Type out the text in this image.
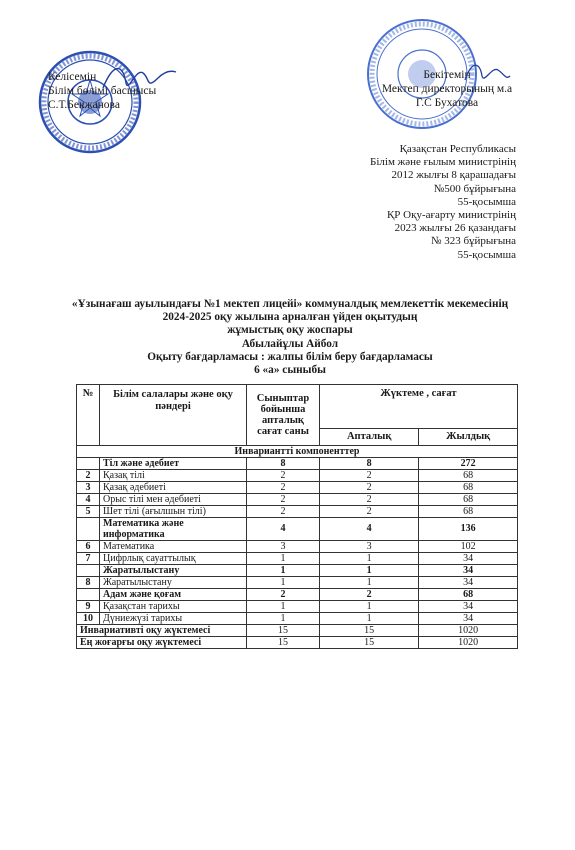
Келісемін
Білім бөлімі басшысы
С.Т.Бекжанова
Бекітемін
Мектеп директорының м.а
Г.С Бухатова
Қазақстан Республикасы
Білім және ғылым министрінің
2012 жылғы 8 қарашадағы
№500 бұйрығына
55-қосымша
ҚР Оқу-ағарту министрінің
2023 жылғы 26 қазандағы
№ 323 бұйрығына
55-қосымша
«Ұзынағаш ауылындағы №1 мектеп лицейі» коммуналдық мемлекеттік мекемесінің
2024-2025 оқу жылына арналған үйден оқытудың
жұмыстық оқу жоспары
Абылайұлы Айбол
Оқыту бағдарламасы : жалпы білім беру бағдарламасы
6 «а» сыныбы
№	Білім салалары және оқу пәндері	Сыныптар бойынша апталық сағат саны	Жүктеме , сағат	
			Апталық	Жылдық
Инвариантті компоненттер				
	Тіл және әдебиет	8	8	272
2	Қазақ тілі	2	2	68
3	Қазақ әдебиеті	2	2	68
4	Орыс тілі мен әдебиеті	2	2	68
5	Шет тілі (ағылшын тілі)	2	2	68
	Математика және информатика	4	4	136
6	Математика	3	3	102
7	Цифрлық сауаттылық	1	1	34
	Жаратылыстану	1	1	34
8	Жаратылыстану	1	1	34
	Адам және қоғам	2	2	68
9	Қазақстан тарихы	1	1	34
10	Дүниежүзі тарихы	1	1	34
Инвариативті оқу жүктемесі		15	15	1020
Ең жоғарғы оқу жүктемесі		15	15	1020
